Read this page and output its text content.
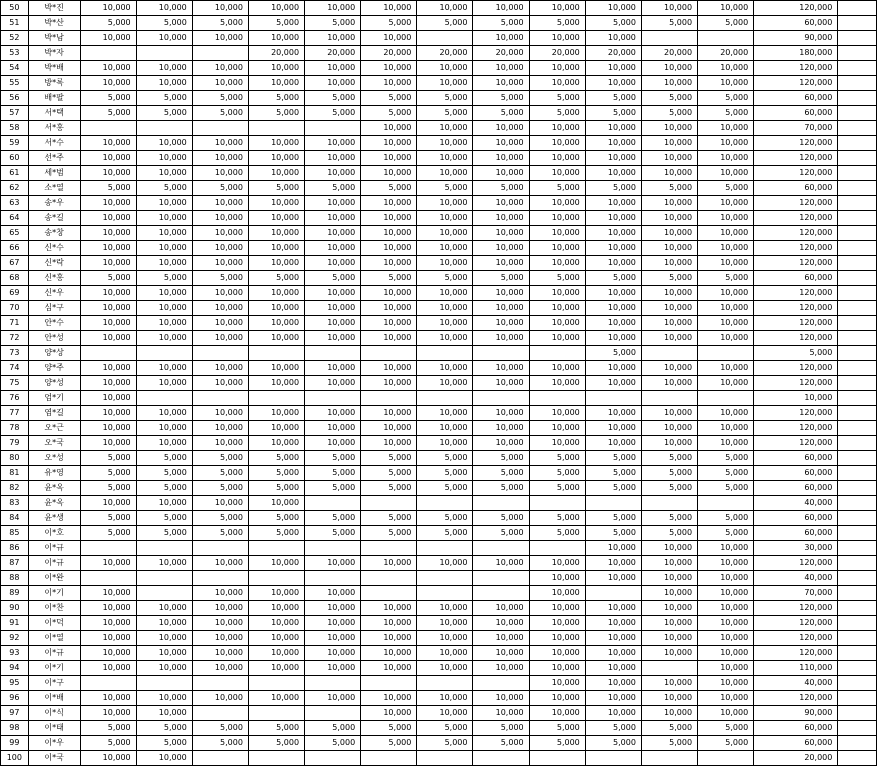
50	박*진	10,000	10,000	10,000	10,000	10,000	10,000	10,000	10,000	10,000	10,000	10,000	10,000	120,000	
51	박*산	5,000	5,000	5,000	5,000	5,000	5,000	5,000	5,000	5,000	5,000	5,000	5,000	60,000	
52	박*남	10,000	10,000	10,000	10,000	10,000	10,000		10,000	10,000	10,000			90,000	
53	박*자				20,000	20,000	20,000	20,000	20,000	20,000	20,000	20,000	20,000	180,000	
54	박*배	10,000	10,000	10,000	10,000	10,000	10,000	10,000	10,000	10,000	10,000	10,000	10,000	120,000	
55	방*록	10,000	10,000	10,000	10,000	10,000	10,000	10,000	10,000	10,000	10,000	10,000	10,000	120,000	
56	배*팔	5,000	5,000	5,000	5,000	5,000	5,000	5,000	5,000	5,000	5,000	5,000	5,000	60,000	
57	서*택	5,000	5,000	5,000	5,000	5,000	5,000	5,000	5,000	5,000	5,000	5,000	5,000	60,000	
58	서*홍						10,000	10,000	10,000	10,000	10,000	10,000	10,000	70,000	
59	서*수	10,000	10,000	10,000	10,000	10,000	10,000	10,000	10,000	10,000	10,000	10,000	10,000	120,000	
60	선*주	10,000	10,000	10,000	10,000	10,000	10,000	10,000	10,000	10,000	10,000	10,000	10,000	120,000	
61	세*범	10,000	10,000	10,000	10,000	10,000	10,000	10,000	10,000	10,000	10,000	10,000	10,000	120,000	
62	소*열	5,000	5,000	5,000	5,000	5,000	5,000	5,000	5,000	5,000	5,000	5,000	5,000	60,000	
63	송*우	10,000	10,000	10,000	10,000	10,000	10,000	10,000	10,000	10,000	10,000	10,000	10,000	120,000	
64	송*길	10,000	10,000	10,000	10,000	10,000	10,000	10,000	10,000	10,000	10,000	10,000	10,000	120,000	
65	송*창	10,000	10,000	10,000	10,000	10,000	10,000	10,000	10,000	10,000	10,000	10,000	10,000	120,000	
66	신*수	10,000	10,000	10,000	10,000	10,000	10,000	10,000	10,000	10,000	10,000	10,000	10,000	120,000	
67	신*락	10,000	10,000	10,000	10,000	10,000	10,000	10,000	10,000	10,000	10,000	10,000	10,000	120,000	
68	신*홍	5,000	5,000	5,000	5,000	5,000	5,000	5,000	5,000	5,000	5,000	5,000	5,000	60,000	
69	신*우	10,000	10,000	10,000	10,000	10,000	10,000	10,000	10,000	10,000	10,000	10,000	10,000	120,000	
70	심*구	10,000	10,000	10,000	10,000	10,000	10,000	10,000	10,000	10,000	10,000	10,000	10,000	120,000	
71	안*수	10,000	10,000	10,000	10,000	10,000	10,000	10,000	10,000	10,000	10,000	10,000	10,000	120,000	
72	안*성	10,000	10,000	10,000	10,000	10,000	10,000	10,000	10,000	10,000	10,000	10,000	10,000	120,000	
73	양*상										5,000			5,000	
74	양*주	10,000	10,000	10,000	10,000	10,000	10,000	10,000	10,000	10,000	10,000	10,000	10,000	120,000	
75	양*성	10,000	10,000	10,000	10,000	10,000	10,000	10,000	10,000	10,000	10,000	10,000	10,000	120,000	
76	엄*기	10,000												10,000	
77	염*길	10,000	10,000	10,000	10,000	10,000	10,000	10,000	10,000	10,000	10,000	10,000	10,000	120,000	
78	오*근	10,000	10,000	10,000	10,000	10,000	10,000	10,000	10,000	10,000	10,000	10,000	10,000	120,000	
79	오*국	10,000	10,000	10,000	10,000	10,000	10,000	10,000	10,000	10,000	10,000	10,000	10,000	120,000	
80	오*성	5,000	5,000	5,000	5,000	5,000	5,000	5,000	5,000	5,000	5,000	5,000	5,000	60,000	
81	유*영	5,000	5,000	5,000	5,000	5,000	5,000	5,000	5,000	5,000	5,000	5,000	5,000	60,000	
82	윤*옥	5,000	5,000	5,000	5,000	5,000	5,000	5,000	5,000	5,000	5,000	5,000	5,000	60,000	
83	윤*옥	10,000	10,000	10,000	10,000									40,000	
84	윤*생	5,000	5,000	5,000	5,000	5,000	5,000	5,000	5,000	5,000	5,000	5,000	5,000	60,000	
85	이*호	5,000	5,000	5,000	5,000	5,000	5,000	5,000	5,000	5,000	5,000	5,000	5,000	60,000	
86	이*규										10,000	10,000	10,000	30,000	
87	이*규	10,000	10,000	10,000	10,000	10,000	10,000	10,000	10,000	10,000	10,000	10,000	10,000	120,000	
88	이*완									10,000	10,000	10,000	10,000	40,000	
89	이*기	10,000		10,000	10,000	10,000				10,000		10,000	10,000	70,000	
90	이*찬	10,000	10,000	10,000	10,000	10,000	10,000	10,000	10,000	10,000	10,000	10,000	10,000	120,000	
91	이*덕	10,000	10,000	10,000	10,000	10,000	10,000	10,000	10,000	10,000	10,000	10,000	10,000	120,000	
92	이*열	10,000	10,000	10,000	10,000	10,000	10,000	10,000	10,000	10,000	10,000	10,000	10,000	120,000	
93	이*규	10,000	10,000	10,000	10,000	10,000	10,000	10,000	10,000	10,000	10,000	10,000	10,000	120,000	
94	이*기	10,000	10,000	10,000	10,000	10,000	10,000	10,000	10,000	10,000	10,000		10,000	110,000	
95	이*구									10,000	10,000	10,000	10,000	40,000	
96	이*배	10,000	10,000	10,000	10,000	10,000	10,000	10,000	10,000	10,000	10,000	10,000	10,000	120,000	
97	이*식	10,000	10,000				10,000	10,000	10,000	10,000	10,000	10,000	10,000	90,000	
98	이*태	5,000	5,000	5,000	5,000	5,000	5,000	5,000	5,000	5,000	5,000	5,000	5,000	60,000	
99	이*우	5,000	5,000	5,000	5,000	5,000	5,000	5,000	5,000	5,000	5,000	5,000	5,000	60,000	
100	이*국	10,000	10,000											20,000	
